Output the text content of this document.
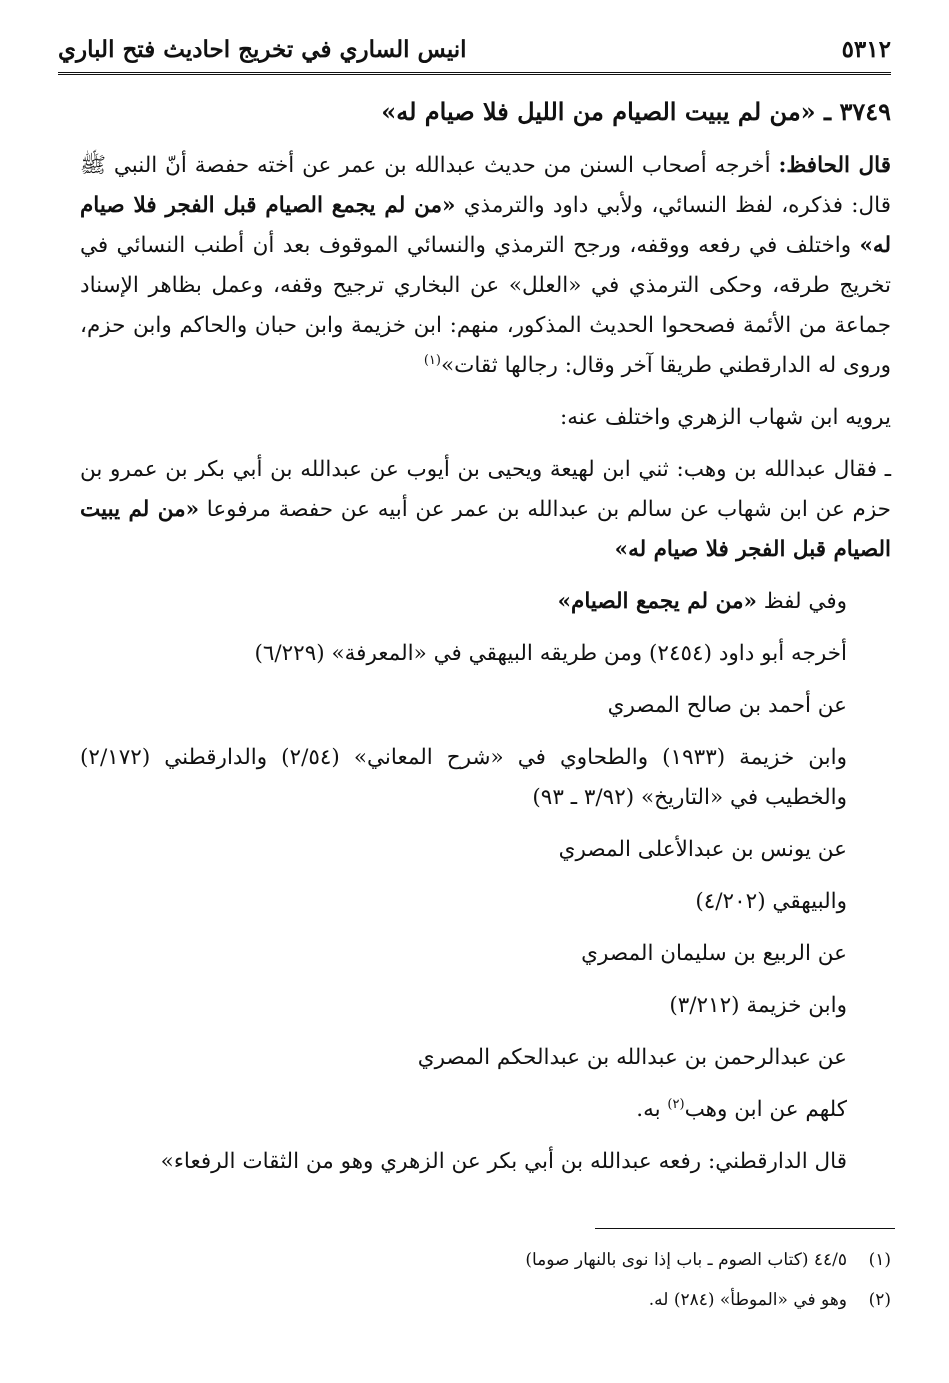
٥٣١٢
انيس الساري في تخريج احاديث فتح الباري
٣٧٤٩ ـ «من لم يبيت الصيام من الليل فلا صيام له»

قال الحافظ: أخرجه أصحاب السنن من حديث عبدالله بن عمر عن أخته حفصة أنّ النبي ﷺ قال: فذكره، لفظ النسائي، ولأبي داود والترمذي «من لم يجمع الصيام قبل الفجر فلا صيام له» واختلف في رفعه ووقفه، ورجح الترمذي والنسائي الموقوف بعد أن أطنب النسائي في تخريج طرقه، وحكى الترمذي في «العلل» عن البخاري ترجيح وقفه، وعمل بظاهر الإسناد جماعة من الأئمة فصححوا الحديث المذكور، منهم: ابن خزيمة وابن حبان والحاكم وابن حزم، وروى له الدارقطني طريقا آخر وقال: رجالها ثقات»$^{(١)}$

يرويه ابن شهاب الزهري واختلف عنه:

ـ فقال عبدالله بن وهب: ثني ابن لهيعة ويحيى بن أيوب عن عبدالله بن أبي بكر بن عمرو بن حزم عن ابن شهاب عن سالم بن عبدالله بن عمر عن أبيه عن حفصة مرفوعا «من لم يبيت الصيام قبل الفجر فلا صيام له»

وفي لفظ «من لم يجمع الصيام»

أخرجه أبو داود (٢٤٥٤) ومن طريقه البيهقي في «المعرفة» (٦/٢٢٩)

عن أحمد بن صالح المصري

وابن خزيمة (١٩٣٣) والطحاوي في «شرح المعاني» (٢/٥٤) والدارقطني (٢/١٧٢) والخطيب في «التاريخ» (٣/٩٢ ـ ٩٣)

عن يونس بن عبدالأعلى المصري

والبيهقي (٤/٢٠٢)

عن الربيع بن سليمان المصري

وابن خزيمة (٣/٢١٢)

عن عبدالرحمن بن عبدالله بن عبدالحكم المصري

كلهم عن ابن وهب$^{(٢)}$ به.

قال الدارقطني: رفعه عبدالله بن أبي بكر عن الزهري وهو من الثقات الرفعاء»

(١)٤٤/٥ (كتاب الصوم ـ باب إذا نوى بالنهار صوما)

(٢)وهو في «الموطأ» (٢٨٤) له.
